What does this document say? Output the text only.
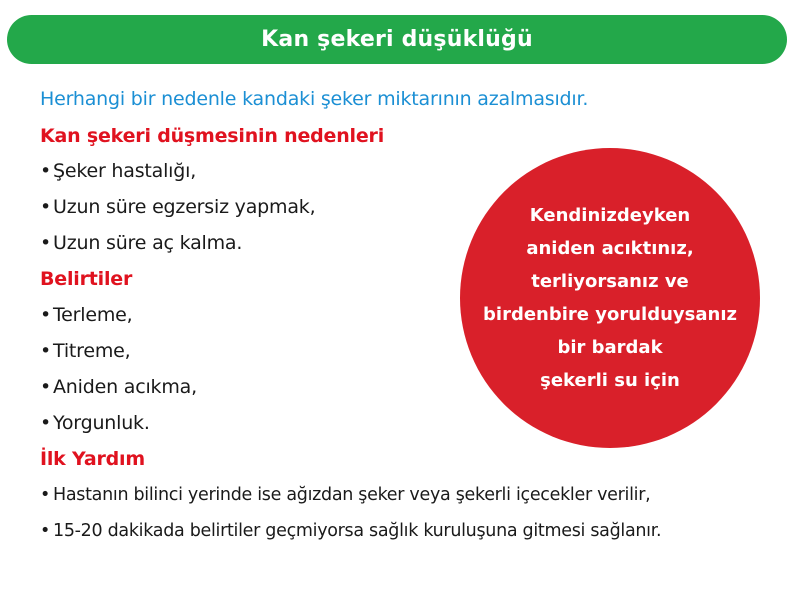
Kan şekeri düşüklüğü
Herhangi bir nedenle kandaki şeker miktarının azalmasıdır.
Kan şekeri düşmesinin nedenleri
• Şeker hastalığı,
• Uzun süre egzersiz yapmak,
• Uzun süre aç kalma.
Belirtiler
• Terleme,
• Titreme,
• Aniden acıkma,
• Yorgunluk.
İlk Yardım
• Hastanın bilinci yerinde ise ağızdan şeker veya şekerli içecekler verilir,
• 15-20 dakikada belirtiler geçmiyorsa sağlık kuruluşuna gitmesi sağlanır.
Kendinizdeyken
aniden acıktınız,
terliyorsanız ve
birdenbire yorulduysanız
bir bardak
şekerli su için
